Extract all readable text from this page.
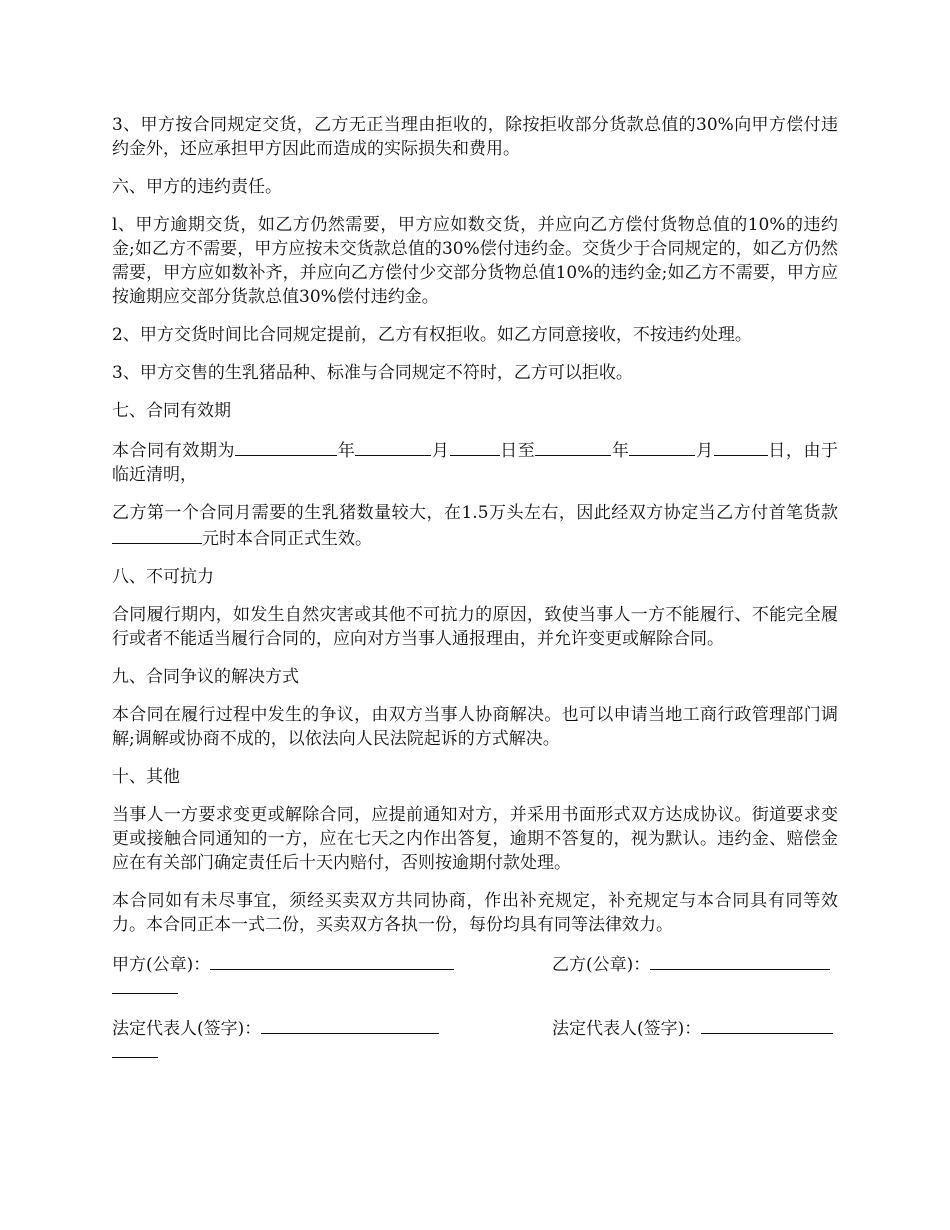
3、甲方按合同规定交货，乙方无正当理由拒收的，除按拒收部分货款总值的30%向甲方偿付违约金外，还应承担甲方因此而造成的实际损失和费用。

六、甲方的违约责任。

l、甲方逾期交货，如乙方仍然需要，甲方应如数交货，并应向乙方偿付货物总值的10%的违约金;如乙方不需要，甲方应按未交货款总值的30%偿付违约金。交货少于合同规定的，如乙方仍然需要，甲方应如数补齐，并应向乙方偿付少交部分货物总值10%的违约金;如乙方不需要，甲方应按逾期应交部分货款总值30%偿付违约金。

2、甲方交货时间比合同规定提前，乙方有权拒收。如乙方同意接收，不按违约处理。

3、甲方交售的生乳猪品种、标准与合同规定不符时，乙方可以拒收。

七、合同有效期

本合同有效期为	年	月	日至	年	月	日，由于临近清明，

乙方第一个合同月需要的生乳猪数量较大，在1.5万头左右，因此经双方协定当乙方付首笔货款元时本合同正式生效。

八、不可抗力

合同履行期内，如发生自然灾害或其他不可抗力的原因，致使当事人一方不能履行、不能完全履行或者不能适当履行合同的，应向对方当事人通报理由，并允许变更或解除合同。

九、合同争议的解决方式

本合同在履行过程中发生的争议，由双方当事人协商解决。也可以申请当地工商行政管理部门调解;调解或协商不成的，以依法向人民法院起诉的方式解决。

十、其他

当事人一方要求变更或解除合同，应提前通知对方，并采用书面形式双方达成协议。街道要求变更或接触合同通知的一方，应在七天之内作出答复，逾期不答复的，视为默认。违约金、赔偿金应在有关部门确定责任后十天内赔付，否则按逾期付款处理。

本合同如有未尽事宜，须经买卖双方共同协商，作出补充规定，补充规定与本合同具有同等效力。本合同正本一式二份，买卖双方各执一份，每份均具有同等法律效力。

甲方(公章)：	乙方(公章)：
法定代表人(签字)：	法定代表人(签字)：
